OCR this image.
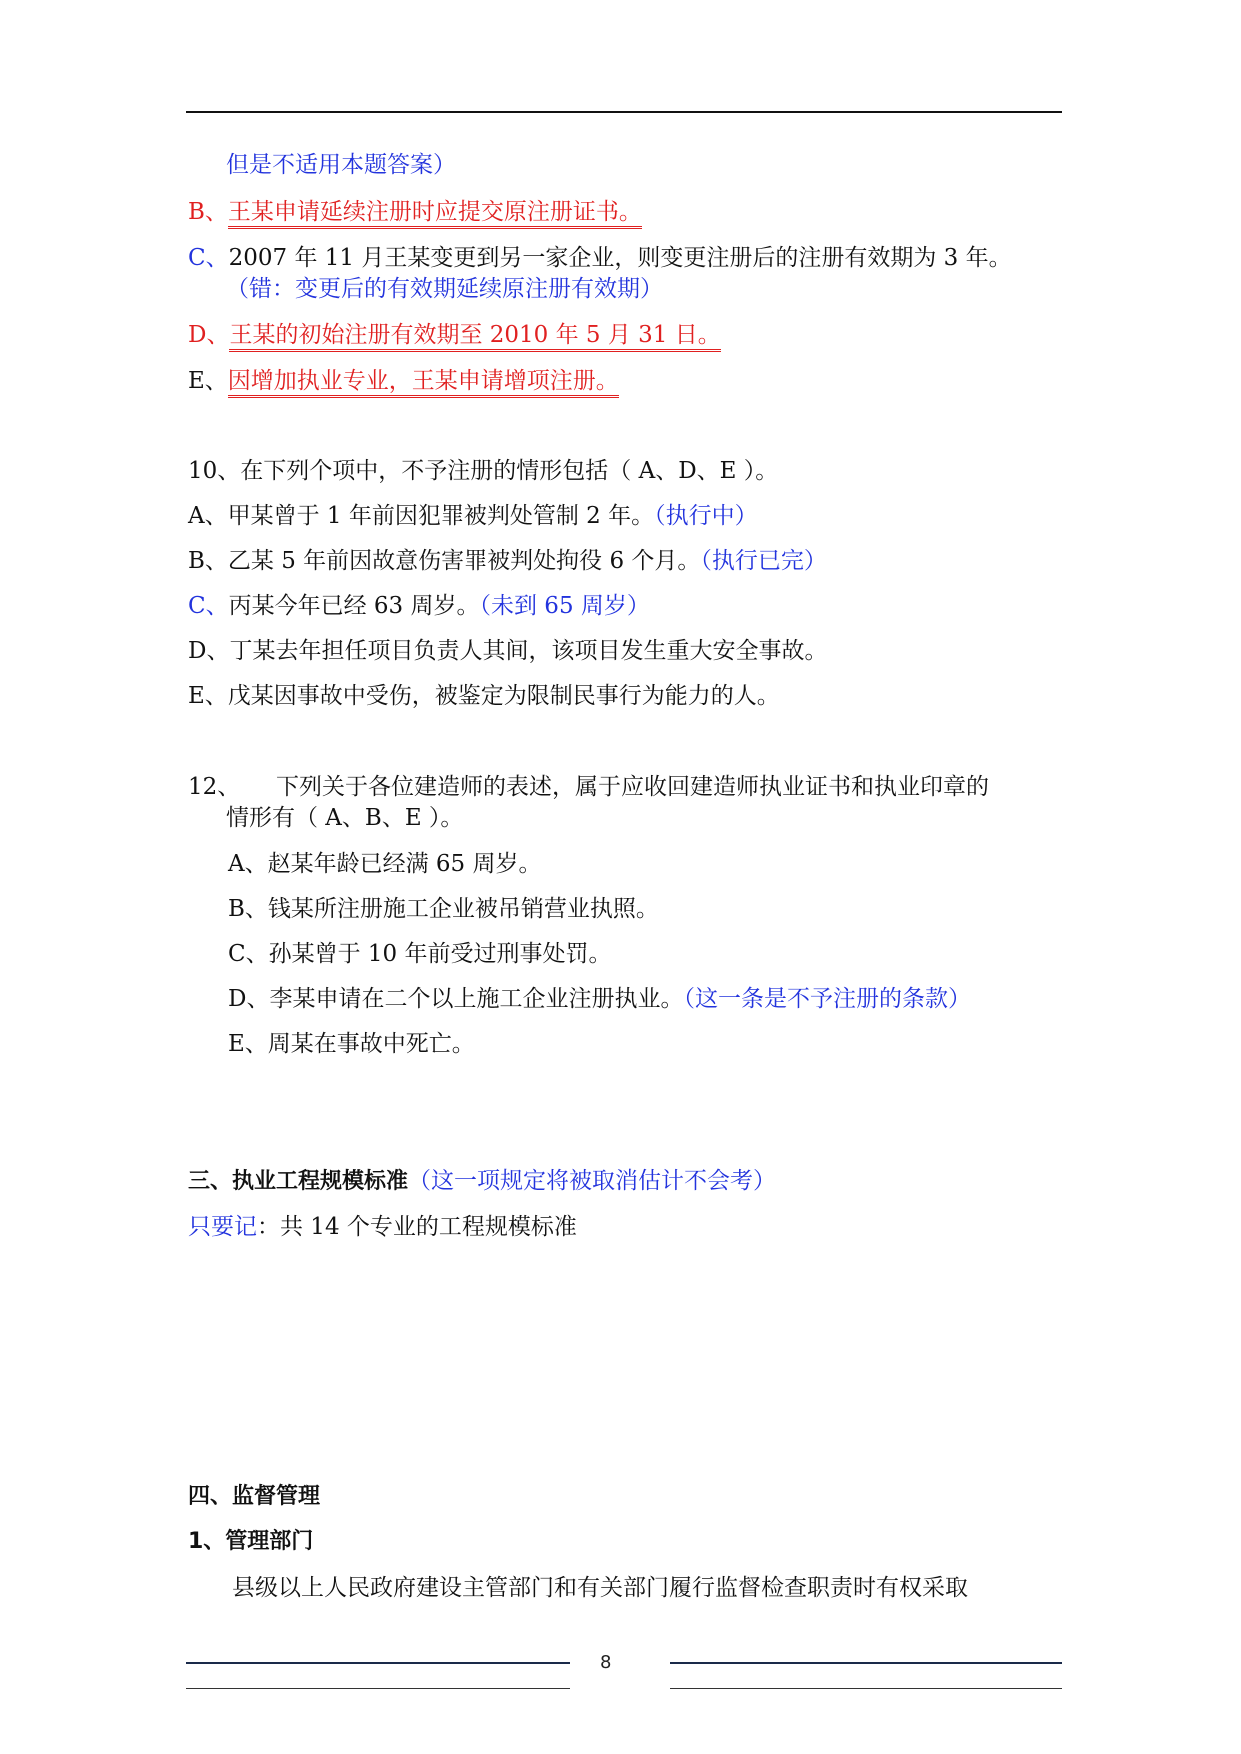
但是不适用本题答案）
B、王某申请延续注册时应提交原注册证书。
C、2007 年 11 月王某变更到另一家企业，则变更注册后的注册有效期为 3 年。
（错：变更后的有效期延续原注册有效期）
D、王某的初始注册有效期至 2010 年 5 月 31 日。
E、因增加执业专业，王某申请增项注册。
10、在下列个项中，不予注册的情形包括（ A、D、E ）。
A、甲某曾于 1 年前因犯罪被判处管制 2 年。（执行中）
B、乙某 5 年前因故意伤害罪被判处拘役 6 个月。（执行已完）
C、丙某今年已经 63 周岁。（未到 65 周岁）
D、丁某去年担任项目负责人其间，该项目发生重大安全事故。
E、戊某因事故中受伤，被鉴定为限制民事行为能力的人。
12、 下列关于各位建造师的表述，属于应收回建造师执业证书和执业印章的
情形有（ A、B、E ）。
A、赵某年龄已经满 65 周岁。
B、钱某所注册施工企业被吊销营业执照。
C、孙某曾于 10 年前受过刑事处罚。
D、李某申请在二个以上施工企业注册执业。（这一条是不予注册的条款）
E、周某在事故中死亡。
三、执业工程规模标准（这一项规定将被取消估计不会考）
只要记：共 14 个专业的工程规模标准
四、监督管理
1、管理部门
县级以上人民政府建设主管部门和有关部门履行监督检查职责时有权采取
8
